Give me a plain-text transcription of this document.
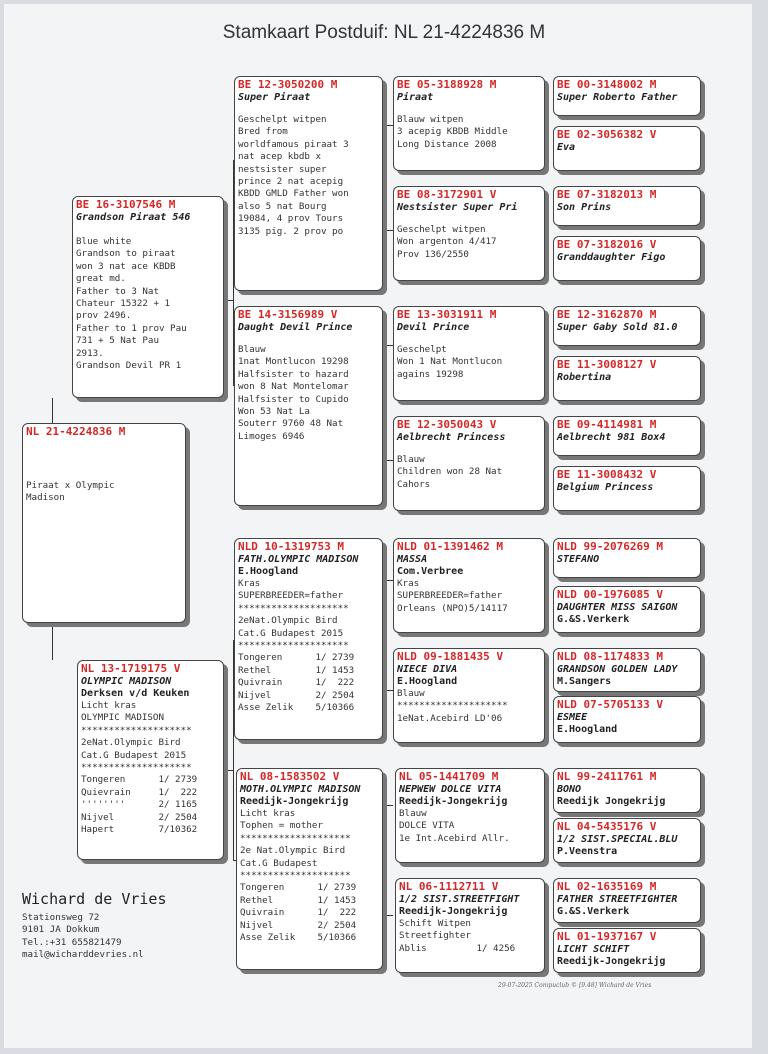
Stamkaart Postduif: NL 21-4224836 M
NL 21-4224836 M
Piraat x Olympic
Madison
BE 16-3107546 M
Grandson Piraat 546
Blue white
Grandson to piraat
won 3 nat ace KBDB
great md.
Father to 3 Nat
Chateur 15322 + 1
prov 2496.
Father to 1 prov Pau
731 + 5 Nat Pau
2913.
Grandson Devil PR 1
NL 13-1719175 V
OLYMPIC MADISON
Derksen v/d Keuken
Licht kras
OLYMPIC MADISON
********************
2eNat.Olympic Bird
Cat.G Budapest 2015
********************
Tongeren      1/ 2739
Quievrain     1/  222
''''''''      2/ 1165
Nijvel        2/ 2504
Hapert        7/10362
BE 12-3050200 M
Super Piraat
Geschelpt witpen
Bred from
worldfamous piraat 3
nat acep kbdb x
nestsister super
prince 2 nat acepig
KBDD GMLD Father won
also 5 nat Bourg
19084, 4 prov Tours
3135 pig. 2 prov po
BE 14-3156989 V
Daught Devil Prince
Blauw
1nat Montlucon 19298
Halfsister to hazard
won 8 Nat Montelomar
Halfsister to Cupido
Won 53 Nat La
Souterr 9760 48 Nat
Limoges 6946
NLD 10-1319753 M
FATH.OLYMPIC MADISON
E.Hoogland
Kras
SUPERBREEDER=father
********************
2eNat.Olympic Bird
Cat.G Budapest 2015
********************
Tongeren      1/ 2739
Rethel        1/ 1453
Quivrain      1/  222
Nijvel        2/ 2504
Asse Zelik    5/10366
NL 08-1583502 V
MOTH.OLYMPIC MADISON
Reedijk-Jongekrijg
Licht kras
Tophen = mother
********************
2e Nat.Olympic Bird
Cat.G Budapest
********************
Tongeren      1/ 2739
Rethel        1/ 1453
Quivrain      1/  222
Nijvel        2/ 2504
Asse Zelik    5/10366
BE 05-3188928 M
Piraat
Blauw witpen
3 acepig KBDB Middle
Long Distance 2008
BE 08-3172901 V
Nestsister Super Pri
Geschelpt witpen
Won argenton 4/417
Prov 136/2550
BE 13-3031911 M
Devil Prince
Geschelpt
Won 1 Nat Montlucon
agains 19298
BE 12-3050043 V
Aelbrecht Princess
Blauw
Children won 28 Nat
Cahors
NLD 01-1391462 M
MASSA
Com.Verbree
Kras
SUPERBREEDER=father
Orleans (NPO)5/14117
NLD 09-1881435 V
NIECE DIVA
E.Hoogland
Blauw
********************
1eNat.Acebird LD'06
NL 05-1441709 M
NEPWEW DOLCE VITA
Reedijk-Jongekrijg
Blauw
DOLCE VITA
1e Int.Acebird Allr.
NL 06-1112711 V
1/2 SIST.STREETFIGHT
Reedijk-Jongekrijg
Schift Witpen
Streetfighter
Ablis         1/ 4256
BE 00-3148002 M
Super Roberto Father
BE 02-3056382 V
Eva
BE 07-3182013 M
Son Prins
BE 07-3182016 V
Granddaughter Figo
BE 12-3162870 M
Super Gaby Sold 81.0
BE 11-3008127 V
Robertina
BE 09-4114981 M
Aelbrecht 981 Box4
BE 11-3008432 V
Belgium Princess
NLD 99-2076269 M
STEFANO
NLD 00-1976085 V
DAUGHTER MISS SAIGON
G.&S.Verkerk
NLD 08-1174833 M
GRANDSON GOLDEN LADY
M.Sangers
NLD 07-5705133 V
ESMEE
E.Hoogland
NL 99-2411761 M
BONO
Reedijk Jongekrijg
NL 04-5435176 V
1/2 SIST.SPECIAL.BLU
P.Veenstra
NL 02-1635169 M
FATHER STREETFIGHTER
G.&S.Verkerk
NL 01-1937167 V
LICHT SCHIFT
Reedijk-Jongekrijg
Wichard de Vries
Stationsweg 72
9101 JA Dokkum
Tel.:+31 655821479
mail@wicharddevries.nl
29-07-2025 Compuclub © [9.48] Wichard de Vries
